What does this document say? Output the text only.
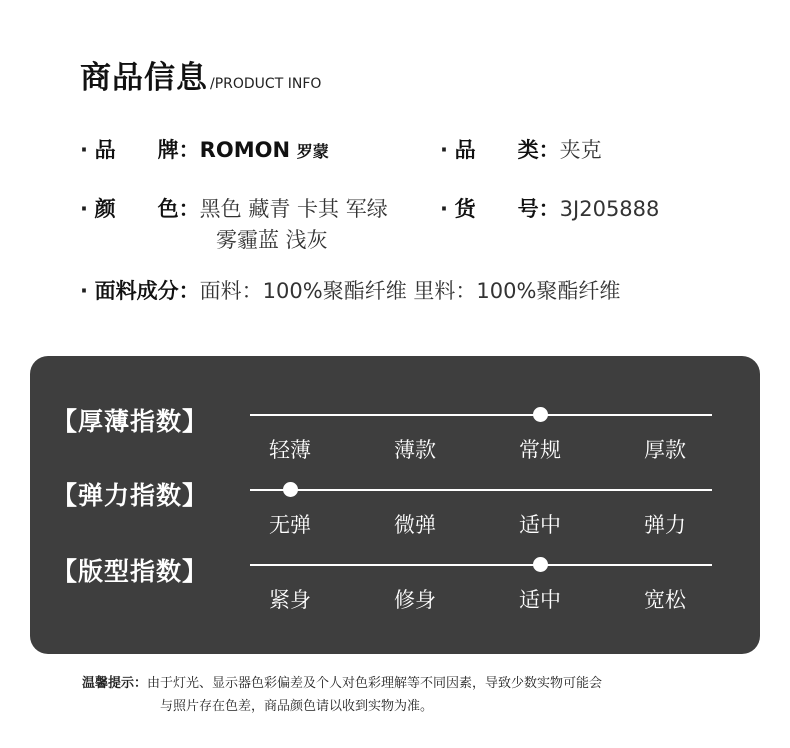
商品信息 /PRODUCT INFO
· 品　　牌：ROMON 罗蒙	· 品　　类：夹克
· 颜　　色：黑色 藏青 卡其 军绿
雾霾蓝 浅灰
· 货　　号：3J205888
· 面料成分：面料：100%聚酯纤维 里料：100%聚酯纤维
【厚薄指数】
轻薄	薄款	常规	厚款
【弹力指数】
无弹	微弹	适中	弹力
【版型指数】
紧身	修身	适中	宽松
温馨提示：由于灯光、显示器色彩偏差及个人对色彩理解等不同因素，导致少数实物可能会
与照片存在色差，商品颜色请以收到实物为准。
